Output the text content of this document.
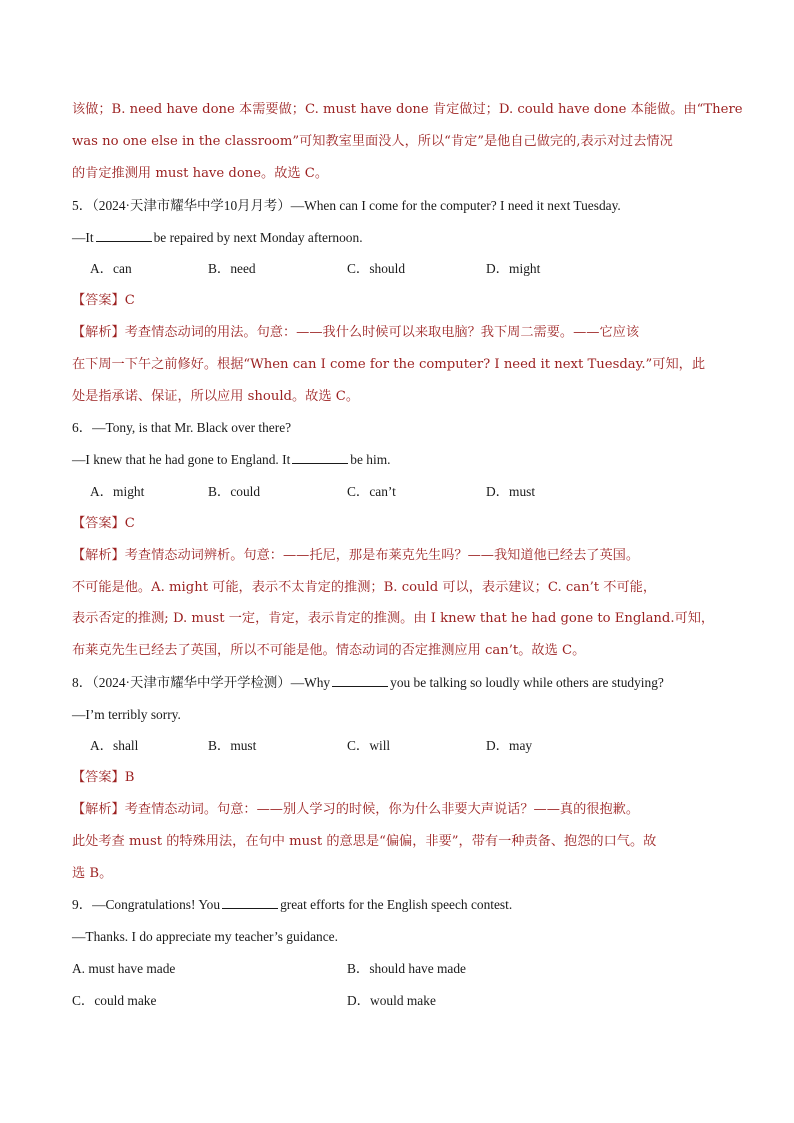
该做；B. need have done 本需要做；C. must have done 肯定做过；D. could have done 本能做。由“There
was no one else in the classroom”可知教室里面没人，所以“肯定”是他自己做完的,表示对过去情况
的肯定推测用 must have done。故选 C。
5．（2024·天津市耀华中学10月月考）—When can I come for the computer? I need it next Tuesday.
—It	be repaired by next Monday afternoon.
A．can	B．need	C．should	D．might
【答案】C
【解析】考查情态动词的用法。句意：——我什么时候可以来取电脑？我下周二需要。——它应该
在下周一下午之前修好。根据“When can I come for the computer? I need it next Tuesday.”可知，此
处是指承诺、保证，所以应用 should。故选 C。
6．—Tony, is that Mr. Black over there?
—I knew that he had gone to England. It	be him.
A．might	B．could	C．can’t	D．must
【答案】C
【解析】考查情态动词辨析。句意：——托尼，那是布莱克先生吗？——我知道他已经去了英国。
不可能是他。A. might 可能，表示不太肯定的推测；B. could 可以，表示建议；C. can’t 不可能，
表示否定的推测; D. must 一定，肯定，表示肯定的推测。由 I knew that he had gone to England.可知，
布莱克先生已经去了英国，所以不可能是他。情态动词的否定推测应用 can’t。故选 C。
8．（2024·天津市耀华中学开学检测）—Why	you be talking so loudly while others are studying?
—I’m terribly sorry.
A．shall	B．must	C．will	D．may
【答案】B
【解析】考查情态动词。句意：——别人学习的时候，你为什么非要大声说话？——真的很抱歉。
此处考查 must 的特殊用法，在句中 must 的意思是“偏偏，非要”，带有一种责备、抱怨的口气。故
选 B。
9．—Congratulations! You	great efforts for the English speech contest.
—Thanks. I do appreciate my teacher’s guidance.
A. must have made	B．should have made
C．could make	D．would make
